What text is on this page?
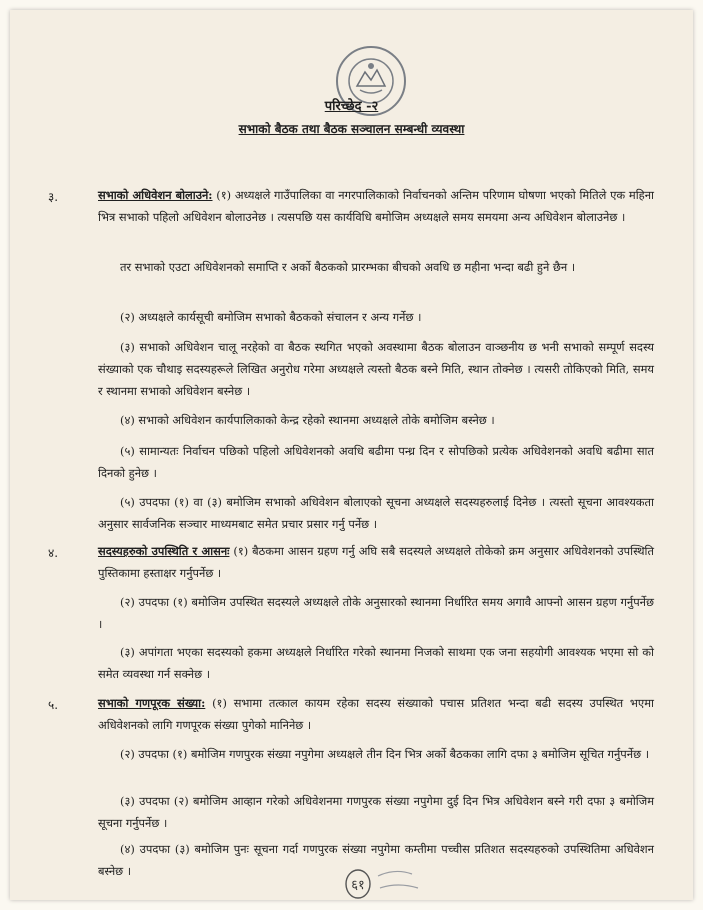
परिच्छेद -२
सभाको बैठक तथा बैठक सञ्चालन सम्बन्धी व्यवस्था
३.	सभाको अधिवेशन बोलाउने: (१) अध्यक्षले गाउँपालिका वा नगरपालिकाको निर्वाचनको अन्तिम परिणाम घोषणा भएको मितिले एक महिना भित्र सभाको पहिलो अधिवेशन बोलाउनेछ । त्यसपछि यस कार्यविधि बमोजिम अध्यक्षले समय समयमा अन्य अधिवेशन बोलाउनेछ ।
तर सभाको एउटा अधिवेशनको समाप्ति र अर्को बैठकको प्रारम्भका बीचको अवधि छ महीना भन्दा बढी हुने छैन ।
(२) अध्यक्षले कार्यसूची बमोजिम सभाको बैठकको संचालन र अन्य गर्नेछ ।
(३) सभाको अधिवेशन चालू नरहेको वा बैठक स्थगित भएको अवस्थामा बैठक बोलाउन वाञ्छनीय छ भनी सभाको सम्पूर्ण सदस्य संख्याको एक चौथाइ सदस्यहरूले लिखित अनुरोध गरेमा अध्यक्षले त्यस्तो बैठक बस्ने मिति, स्थान तोक्नेछ । त्यसरी तोकिएको मिति, समय र स्थानमा सभाको अधिवेशन बस्नेछ ।
(४) सभाको अधिवेशन कार्यपालिकाको केन्द्र रहेको स्थानमा अध्यक्षले तोके बमोजिम बस्नेछ ।
(५) सामान्यतः निर्वाचन पछिको पहिलो अधिवेशनको अवधि बढीमा पन्ध्र दिन र सोपछिको प्रत्येक अधिवेशनको अवधि बढीमा सात दिनको हुनेछ ।
(५) उपदफा (१) वा (३) बमोजिम सभाको अधिवेशन बोलाएको सूचना अध्यक्षले सदस्यहरुलाई दिनेछ । त्यस्तो सूचना आवश्यकता अनुसार सार्वजनिक सञ्चार माध्यमबाट समेत प्रचार प्रसार गर्नु पर्नेछ ।
४.	सदस्यहरुको उपस्थिति र आसनः (१) बैठकमा आसन ग्रहण गर्नु अघि सबै सदस्यले अध्यक्षले तोकेको क्रम अनुसार अधिवेशनको उपस्थिति पुस्तिकामा हस्ताक्षर गर्नुपर्नेछ ।
(२) उपदफा (१) बमोजिम उपस्थित सदस्यले अध्यक्षले तोके अनुसारको स्थानमा निर्धारित समय अगावै आफ्नो आसन ग्रहण गर्नुपर्नेछ ।
(३) अपांगता भएका सदस्यको हकमा अध्यक्षले निर्धारित गरेको स्थानमा निजको साथमा एक जना सहयोगी आवश्यक भएमा सो को समेत व्यवस्था गर्न सक्नेछ ।
५.	सभाको गणपूरक संख्या: (१) सभामा तत्काल कायम रहेका सदस्य संख्याको पचास प्रतिशत भन्दा बढी सदस्य उपस्थित भएमा अधिवेशनको लागि गणपूरक संख्या पुगेको मानिनेछ ।
(२) उपदफा (१) बमोजिम गणपुरक संख्या नपुगेमा अध्यक्षले तीन दिन भित्र अर्को बैठकका लागि दफा ३ बमोजिम सूचित गर्नुपर्नेछ ।
(३) उपदफा (२) बमोजिम आव्हान गरेको अधिवेशनमा गणपुरक संख्या नपुगेमा दुई दिन भित्र अधिवेशन बस्ने गरी दफा ३ बमोजिम सूचना गर्नुपर्नेछ ।
(४) उपदफा (३) बमोजिम पुनः सूचना गर्दा गणपुरक संख्या नपुगेमा कम्तीमा पच्चीस प्रतिशत सदस्यहरुको उपस्थितिमा अधिवेशन बस्नेछ ।
६१
